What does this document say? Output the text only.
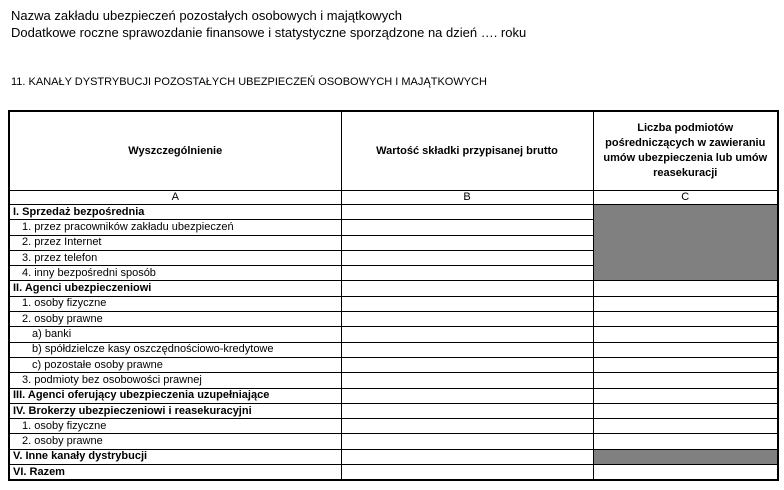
Nazwa zakładu ubezpieczeń pozostałych osobowych i majątkowych
Dodatkowe roczne sprawozdanie finansowe i statystyczne sporządzone na dzień …. roku
11. KANAŁY DYSTRYBUCJI POZOSTAŁYCH UBEZPIECZEŃ OSOBOWYCH I MAJĄTKOWYCH
Wyszczególnienie	Wartość składki przypisanej brutto	Liczba podmiotów pośredniczących w zawieraniu umów ubezpieczenia lub umów reasekuracji
A	B	C
I. Sprzedaż bezpośrednia		
1. przez pracowników zakładu ubezpieczeń		
2. przez Internet		
3. przez telefon		
4. inny bezpośredni sposób		
II. Agenci ubezpieczeniowi		
1. osoby fizyczne		
2. osoby prawne		
a) banki		
b) spółdzielcze kasy oszczędnościowo-kredytowe		
c) pozostałe osoby prawne		
3. podmioty bez osobowości prawnej		
III. Agenci oferujący ubezpieczenia uzupełniające		
IV. Brokerzy ubezpieczeniowi i reasekuracyjni		
1. osoby fizyczne		
2. osoby prawne		
V. Inne kanały dystrybucji		
VI. Razem		
